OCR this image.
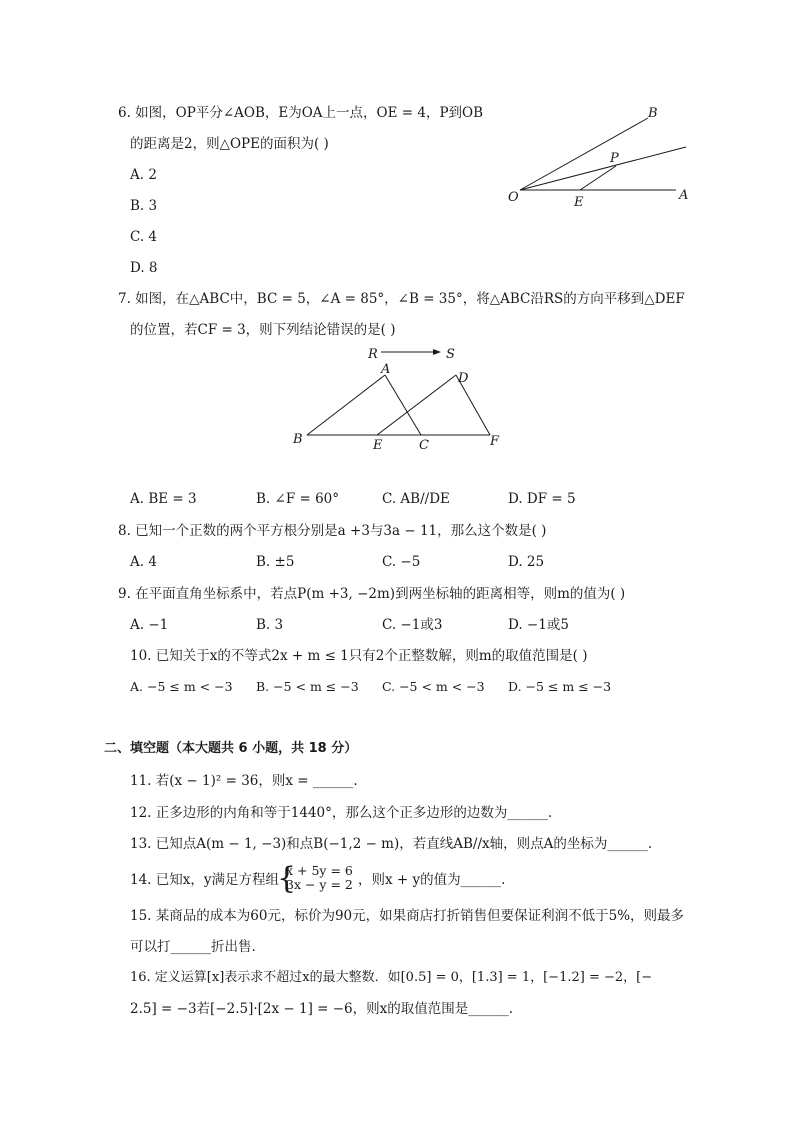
6. 如图，OP平分∠AOB，E为OA上一点，OE = 4，P到OB
的距离是2，则△OPE的面积为( )
A. 2
B. 3
C. 4
D. 8
B
P
O	E	A
7. 如图，在△ABC中，BC = 5，∠A = 85°，∠B = 35°，将△ABC沿RS的方向平移到△DEF
的位置，若CF = 3，则下列结论错误的是( )
R	S
A
D
B	E	C	F
A. BE = 3	B. ∠F = 60°	C. AB//DE	D. DF = 5
8. 已知一个正数的两个平方根分别是a +3与3a − 11，那么这个数是( )
A. 4	B. ±5	C. −5	D. 25
9. 在平面直角坐标系中，若点P(m +3, −2m)到两坐标轴的距离相等，则m的值为( )
A. −1	B. 3	C. −1或3	D. −1或5
10. 已知关于x的不等式2x + m ≤ 1只有2个正整数解，则m的取值范围是( )
A. −5 ≤ m < −3 B. −5 < m ≤ −3 C. −5 < m < −3 D. −5 ≤ m ≤ −3
二、填空题（本大题共 6 小题，共 18 分）
11. 若(x − 1)² = 36，则x = ______.
12. 正多边形的内角和等于1440°，那么这个正多边形的边数为______.
13. 已知点A(m − 1, −3)和点B(−1,2 − m)，若直线AB//x轴，则点A的坐标为______.
14. 已知x，y满足方程组
{
x + 5y = 6
3x − y = 2 ，则x + y的值为______.
15. 某商品的成本为60元，标价为90元，如果商店打折销售但要保证利润不低于5%，则最多
可以打______折出售.
16. 定义运算[x]表示求不超过x的最大整数．如[0.5] = 0，[1.3] = 1，[−1.2] = −2，[−
2.5] = −3若[−2.5]·[2x − 1] = −6，则x的取值范围是______.
